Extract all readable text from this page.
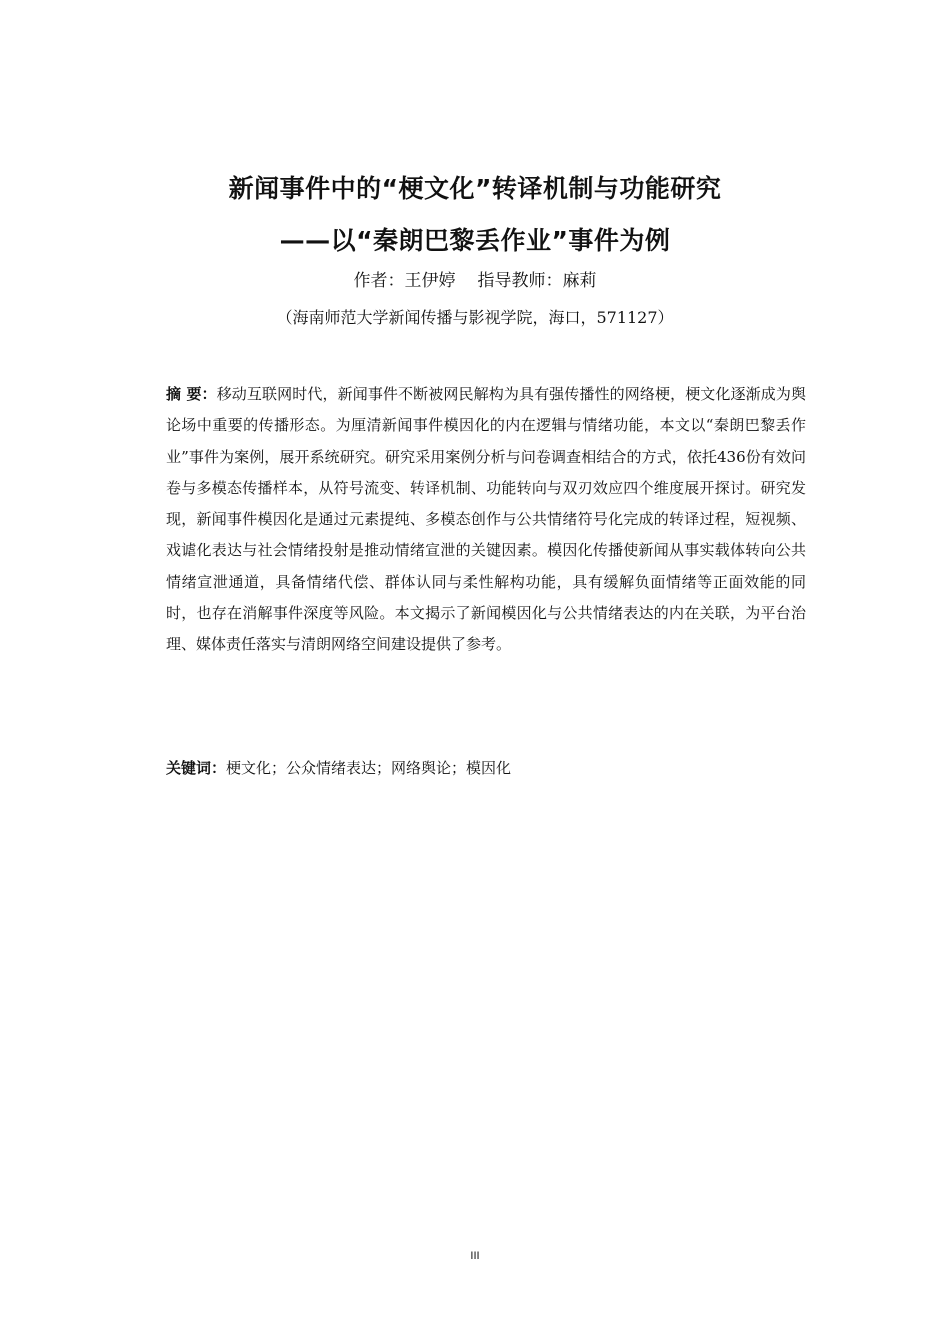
新闻事件中的“梗文化”转译机制与功能研究
——以“秦朗巴黎丢作业”事件为例
作者：王伊婷 指导教师：麻莉
（海南师范大学新闻传播与影视学院，海口，571127）
摘 要：移动互联网时代，新闻事件不断被网民解构为具有强传播性的网络梗，梗文化逐渐成为舆论场中重要的传播形态。为厘清新闻事件模因化的内在逻辑与情绪功能，本文以“秦朗巴黎丢作业”事件为案例，展开系统研究。研究采用案例分析与问卷调查相结合的方式，依托436份有效问卷与多模态传播样本，从符号流变、转译机制、功能转向与双刃效应四个维度展开探讨。研究发现，新闻事件模因化是通过元素提纯、多模态创作与公共情绪符号化完成的转译过程，短视频、戏谑化表达与社会情绪投射是推动情绪宣泄的关键因素。模因化传播使新闻从事实载体转向公共情绪宣泄通道，具备情绪代偿、群体认同与柔性解构功能，具有缓解负面情绪等正面效能的同时，也存在消解事件深度等风险。本文揭示了新闻模因化与公共情绪表达的内在关联，为平台治理、媒体责任落实与清朗网络空间建设提供了参考。
关键词：梗文化；公众情绪表达；网络舆论；模因化
III
